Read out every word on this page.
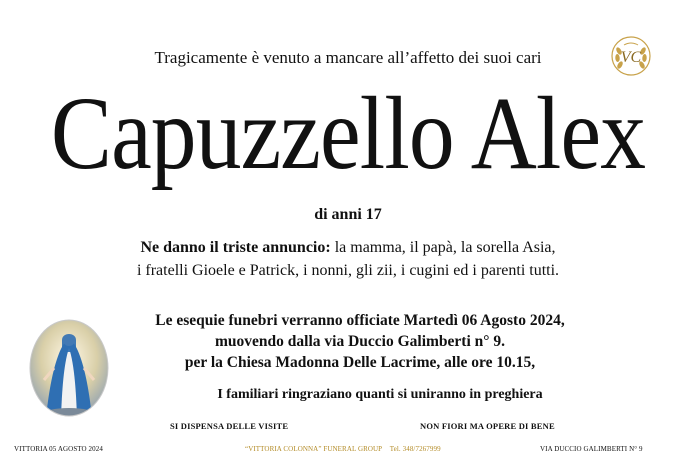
VC
Tragicamente è venuto a mancare all’affetto dei suoi cari
Capuzzello Alex
di anni 17
Ne danno il triste annuncio: la mamma, il papà, la sorella Asia,
i fratelli Gioele e Patrick, i nonni, gli zii, i cugini ed i parenti tutti.
Le esequie funebri verranno officiate Martedì 06 Agosto 2024,
muovendo dalla via Duccio Galimberti n° 9.
per la Chiesa Madonna Delle Lacrime, alle ore 10.15,
I familiari ringraziano quanti si uniranno in preghiera
SI DISPENSA DELLE VISITE	NON FIORI MA OPERE DI BENE
VITTORIA 05 AGOSTO 2024	“VITTORIA COLONNA” FUNERAL GROUP Tel. 348/7267999	VIA DUCCIO GALIMBERTI N° 9
